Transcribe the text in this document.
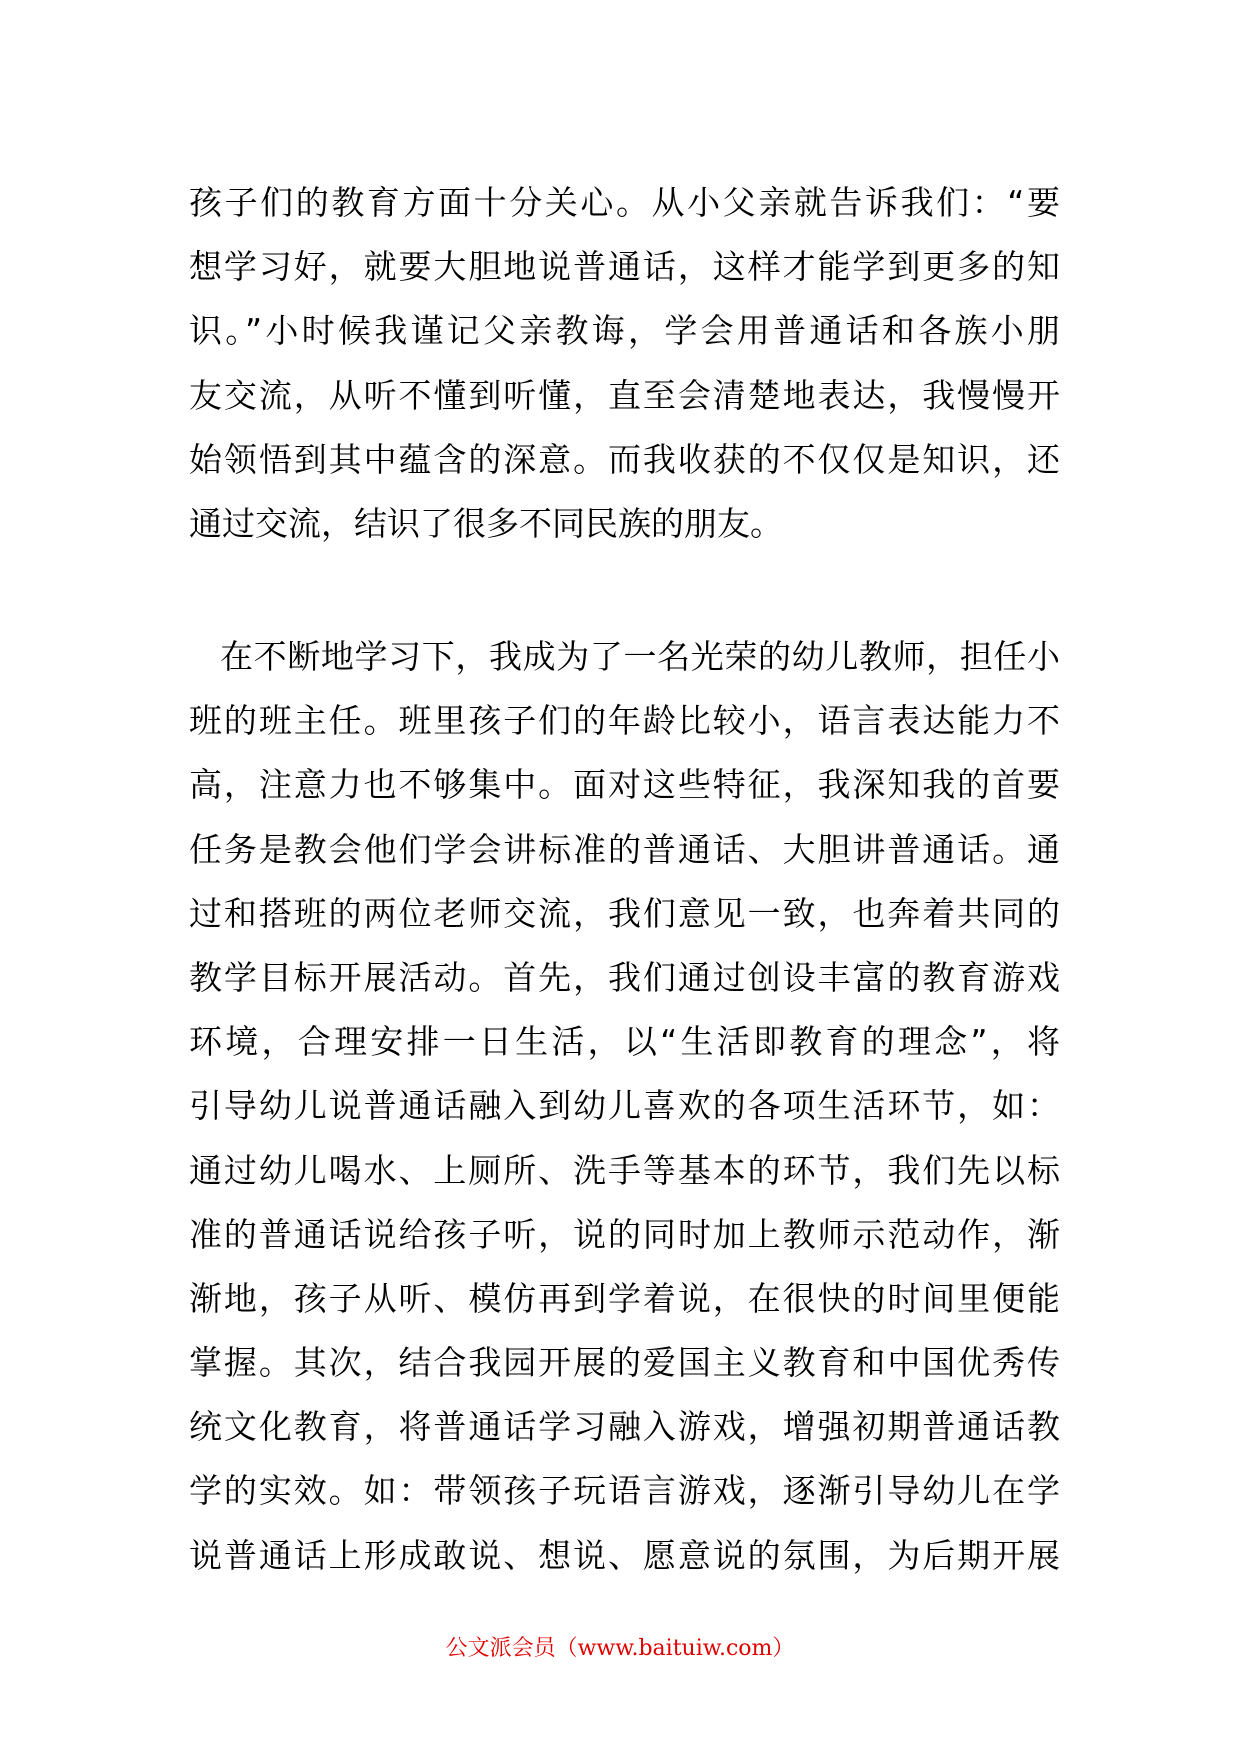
孩子们的教育方面十分关心。从小父亲就告诉我们：“要
想学习好，就要大胆地说普通话，这样才能学到更多的知
识。”小时候我谨记父亲教诲，学会用普通话和各族小朋
友交流，从听不懂到听懂，直至会清楚地表达，我慢慢开
始领悟到其中蕴含的深意。而我收获的不仅仅是知识，还
通过交流，结识了很多不同民族的朋友。
在不断地学习下，我成为了一名光荣的幼儿教师，担任小
班的班主任。班里孩子们的年龄比较小，语言表达能力不
高，注意力也不够集中。面对这些特征，我深知我的首要
任务是教会他们学会讲标准的普通话、大胆讲普通话。通
过和搭班的两位老师交流，我们意见一致，也奔着共同的
教学目标开展活动。首先，我们通过创设丰富的教育游戏
环境，合理安排一日生活，以“生活即教育的理念”，将
引导幼儿说普通话融入到幼儿喜欢的各项生活环节，如：
通过幼儿喝水、上厕所、洗手等基本的环节，我们先以标
准的普通话说给孩子听，说的同时加上教师示范动作，渐
渐地，孩子从听、模仿再到学着说，在很快的时间里便能
掌握。其次，结合我园开展的爱国主义教育和中国优秀传
统文化教育，将普通话学习融入游戏，增强初期普通话教
学的实效。如：带领孩子玩语言游戏，逐渐引导幼儿在学
说普通话上形成敢说、想说、愿意说的氛围，为后期开展
公文派会员（www.baituiw.com）
